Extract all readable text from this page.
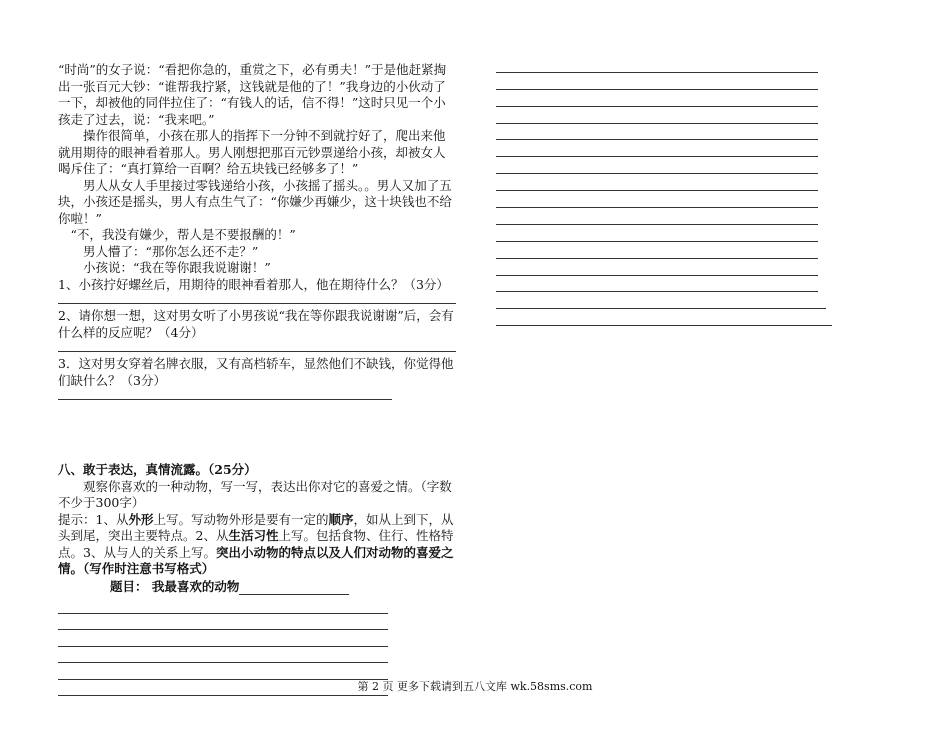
“时尚”的女子说：“看把你急的，重赏之下，必有勇夫！”于是他赶紧掏出一张百元大钞：“谁帮我拧紧，这钱就是他的了！”我身边的小伙动了一下，却被他的同伴拉住了：“有钱人的话，信不得！”这时只见一个小孩走了过去，说：“我来吧。”

操作很简单，小孩在那人的指挥下一分钟不到就拧好了，爬出来他就用期待的眼神看着那人。男人刚想把那百元钞票递给小孩，却被女人喝斥住了：“真打算给一百啊？给五块钱已经够多了！”

男人从女人手里接过零钱递给小孩，小孩摇了摇头。。男人又加了五块，小孩还是摇头，男人有点生气了：“你嫌少再嫌少，这十块钱也不给你啦！”

“不，我没有嫌少，帮人是不要报酬的！”

男人懵了：“那你怎么还不走？”

小孩说：“我在等你跟我说谢谢！”

1、小孩拧好螺丝后，用期待的眼神看着那人，他在期待什么？（3分）

2、请你想一想，这对男女听了小男孩说“我在等你跟我说谢谢”后，会有什么样的反应呢？（4分）

3．这对男女穿着名牌衣服，又有高档轿车，显然他们不缺钱，你觉得他们缺什么？（3分）

八、敢于表达，真情流露。（25分）

观察你喜欢的一种动物，写一写，表达出你对它的喜爱之情。（字数不少于300字）

提示：1、从外形上写。写动物外形是要有一定的顺序，如从上到下，从头到尾，突出主要特点。2、从生活习性上写。包括食物、住行、性格特点。3、从与人的关系上写。突出小动物的特点以及人们对动物的喜爱之情。（写作时注意书写格式）

题目： 我最喜欢的动物
第 2 页 更多下载请到五八文库 wk.58sms.com
